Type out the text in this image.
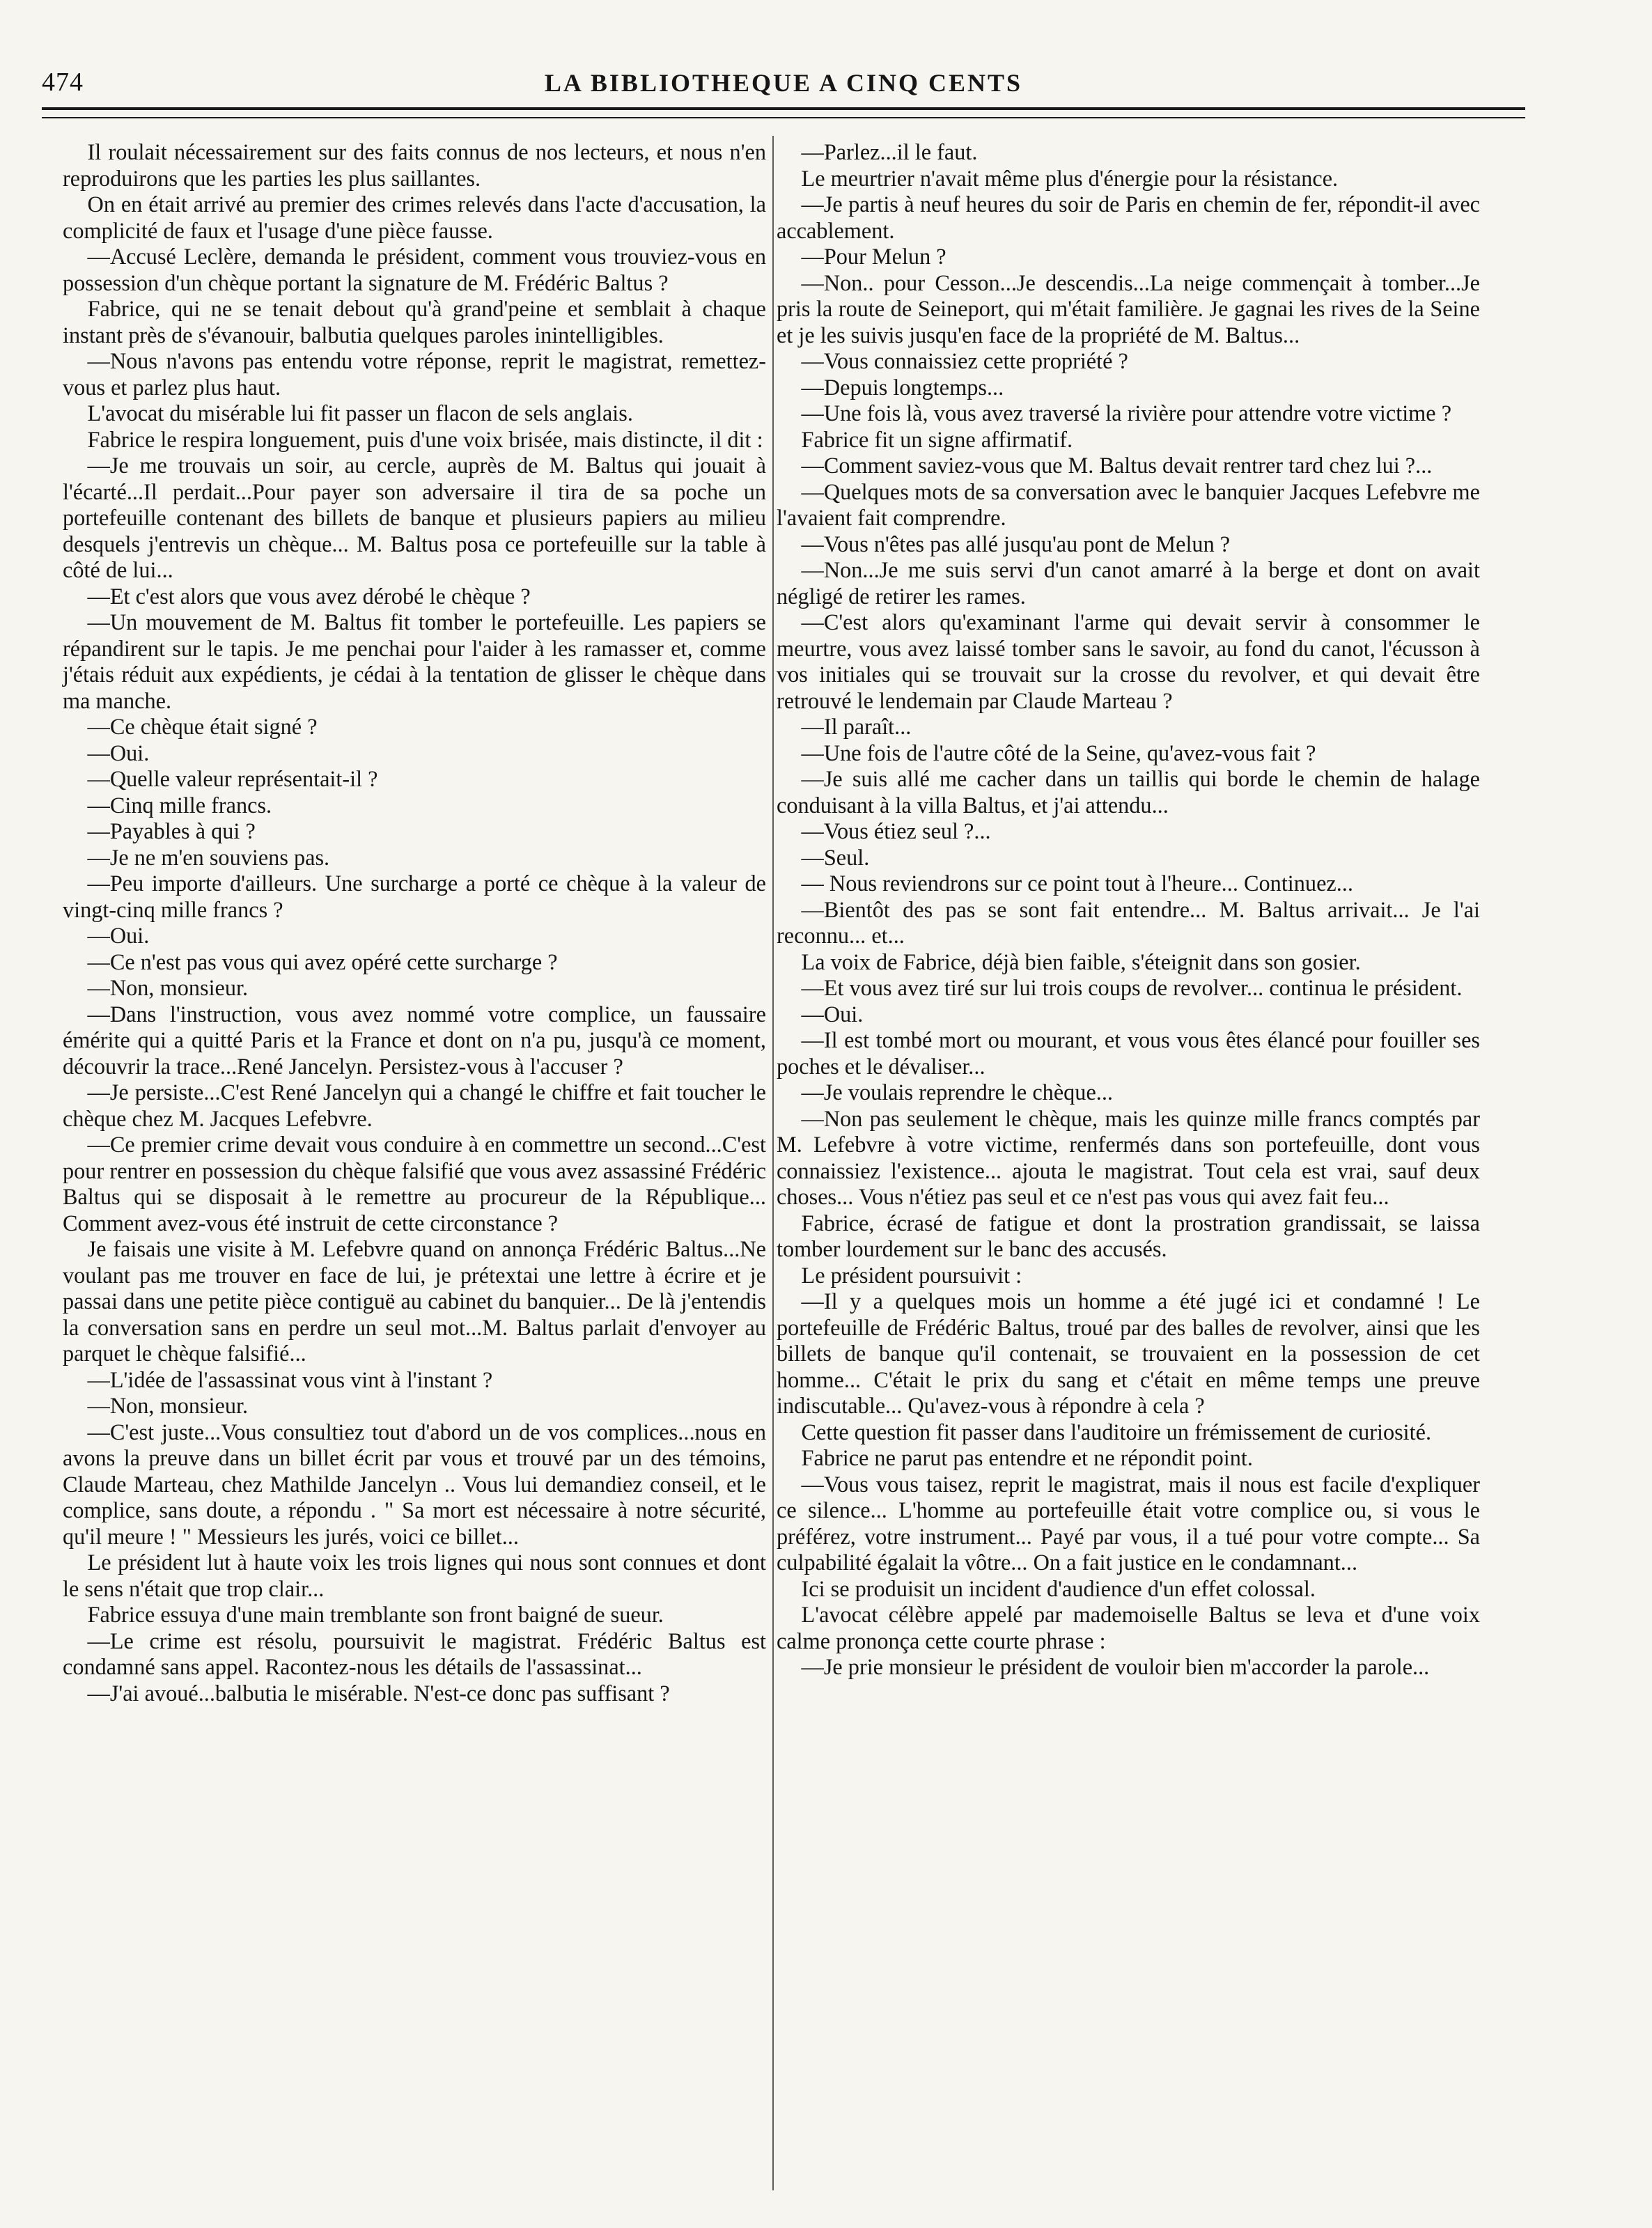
474	LA BIBLIOTHEQUE A CINQ CENTS

Il roulait nécessairement sur des faits connus de nos lecteurs, et nous n'en reproduirons que les parties les plus saillantes.

On en était arrivé au premier des crimes relevés dans l'acte d'accusation, la complicité de faux et l'usage d'une pièce fausse.

—Accusé Leclère, demanda le président, comment vous trouviez-vous en possession d'un chèque portant la signature de M. Frédéric Baltus ?

Fabrice, qui ne se tenait debout qu'à grand'peine et semblait à chaque instant près de s'évanouir, balbutia quelques paroles inintelligibles.

—Nous n'avons pas entendu votre réponse, reprit le magistrat, remettez-vous et parlez plus haut.

L'avocat du misérable lui fit passer un flacon de sels anglais.

Fabrice le respira longuement, puis d'une voix brisée, mais distincte, il dit :

—Je me trouvais un soir, au cercle, auprès de M. Baltus qui jouait à l'écarté...Il perdait...Pour payer son adversaire il tira de sa poche un portefeuille contenant des billets de banque et plusieurs papiers au milieu desquels j'entrevis un chèque... M. Baltus posa ce portefeuille sur la table à côté de lui...

—Et c'est alors que vous avez dérobé le chèque ?

—Un mouvement de M. Baltus fit tomber le portefeuille. Les papiers se répandirent sur le tapis. Je me penchai pour l'aider à les ramasser et, comme j'étais réduit aux expédients, je cédai à la tentation de glisser le chèque dans ma manche.

—Ce chèque était signé ?

—Oui.

—Quelle valeur représentait-il ?

—Cinq mille francs.

—Payables à qui ?

—Je ne m'en souviens pas.

—Peu importe d'ailleurs. Une surcharge a porté ce chèque à la valeur de vingt-cinq mille francs ?

—Oui.

—Ce n'est pas vous qui avez opéré cette surcharge ?

—Non, monsieur.

—Dans l'instruction, vous avez nommé votre complice, un faussaire émérite qui a quitté Paris et la France et dont on n'a pu, jusqu'à ce moment, découvrir la trace...René Jancelyn. Persistez-vous à l'accuser ?

—Je persiste...C'est René Jancelyn qui a changé le chiffre et fait toucher le chèque chez M. Jacques Lefebvre.

—Ce premier crime devait vous conduire à en commettre un second...C'est pour rentrer en possession du chèque falsifié que vous avez assassiné Frédéric Baltus qui se disposait à le remettre au procureur de la République... Comment avez-vous été instruit de cette circonstance ?

Je faisais une visite à M. Lefebvre quand on annonça Frédéric Baltus...Ne voulant pas me trouver en face de lui, je prétextai une lettre à écrire et je passai dans une petite pièce contiguë au cabinet du banquier... De là j'entendis la conversation sans en perdre un seul mot...M. Baltus parlait d'envoyer au parquet le chèque falsifié...

—L'idée de l'assassinat vous vint à l'instant ?

—Non, monsieur.

—C'est juste...Vous consultiez tout d'abord un de vos complices...nous en avons la preuve dans un billet écrit par vous et trouvé par un des témoins, Claude Marteau, chez Mathilde Jancelyn .. Vous lui demandiez conseil, et le complice, sans doute, a répondu . " Sa mort est nécessaire à notre sécurité, qu'il meure ! " Messieurs les jurés, voici ce billet...

Le président lut à haute voix les trois lignes qui nous sont connues et dont le sens n'était que trop clair...

Fabrice essuya d'une main tremblante son front baigné de sueur.

—Le crime est résolu, poursuivit le magistrat. Frédéric Baltus est condamné sans appel. Racontez-nous les détails de l'assassinat...

—J'ai avoué...balbutia le misérable. N'est-ce donc pas suffisant ?

—Parlez...il le faut.

Le meurtrier n'avait même plus d'énergie pour la résistance.

—Je partis à neuf heures du soir de Paris en chemin de fer, répondit-il avec accablement.

—Pour Melun ?

—Non.. pour Cesson...Je descendis...La neige commençait à tomber...Je pris la route de Seineport, qui m'était familière. Je gagnai les rives de la Seine et je les suivis jusqu'en face de la propriété de M. Baltus...

—Vous connaissiez cette propriété ?

—Depuis longtemps...

—Une fois là, vous avez traversé la rivière pour attendre votre victime ?

Fabrice fit un signe affirmatif.

—Comment saviez-vous que M. Baltus devait rentrer tard chez lui ?...

—Quelques mots de sa conversation avec le banquier Jacques Lefebvre me l'avaient fait comprendre.

—Vous n'êtes pas allé jusqu'au pont de Melun ?

—Non...Je me suis servi d'un canot amarré à la berge et dont on avait négligé de retirer les rames.

—C'est alors qu'examinant l'arme qui devait servir à consommer le meurtre, vous avez laissé tomber sans le savoir, au fond du canot, l'écusson à vos initiales qui se trouvait sur la crosse du revolver, et qui devait être retrouvé le lendemain par Claude Marteau ?

—Il paraît...

—Une fois de l'autre côté de la Seine, qu'avez-vous fait ?

—Je suis allé me cacher dans un taillis qui borde le chemin de halage conduisant à la villa Baltus, et j'ai attendu...

—Vous étiez seul ?...

—Seul.

— Nous reviendrons sur ce point tout à l'heure... Continuez...

—Bientôt des pas se sont fait entendre... M. Baltus arrivait... Je l'ai reconnu... et...

La voix de Fabrice, déjà bien faible, s'éteignit dans son gosier.

—Et vous avez tiré sur lui trois coups de revolver... continua le président.

—Oui.

—Il est tombé mort ou mourant, et vous vous êtes élancé pour fouiller ses poches et le dévaliser...

—Je voulais reprendre le chèque...

—Non pas seulement le chèque, mais les quinze mille francs comptés par M. Lefebvre à votre victime, renfermés dans son portefeuille, dont vous connaissiez l'existence... ajouta le magistrat. Tout cela est vrai, sauf deux choses... Vous n'étiez pas seul et ce n'est pas vous qui avez fait feu...

Fabrice, écrasé de fatigue et dont la prostration grandissait, se laissa tomber lourdement sur le banc des accusés.

Le président poursuivit :

—Il y a quelques mois un homme a été jugé ici et condamné ! Le portefeuille de Frédéric Baltus, troué par des balles de revolver, ainsi que les billets de banque qu'il contenait, se trouvaient en la possession de cet homme... C'était le prix du sang et c'était en même temps une preuve indiscutable... Qu'avez-vous à répondre à cela ?

Cette question fit passer dans l'auditoire un frémissement de curiosité.

Fabrice ne parut pas entendre et ne répondit point.

—Vous vous taisez, reprit le magistrat, mais il nous est facile d'expliquer ce silence... L'homme au portefeuille était votre complice ou, si vous le préférez, votre instrument... Payé par vous, il a tué pour votre compte... Sa culpabilité égalait la vôtre... On a fait justice en le condamnant...

Ici se produisit un incident d'audience d'un effet colossal.

L'avocat célèbre appelé par mademoiselle Baltus se leva et d'une voix calme prononça cette courte phrase :

—Je prie monsieur le président de vouloir bien m'accorder la parole...
